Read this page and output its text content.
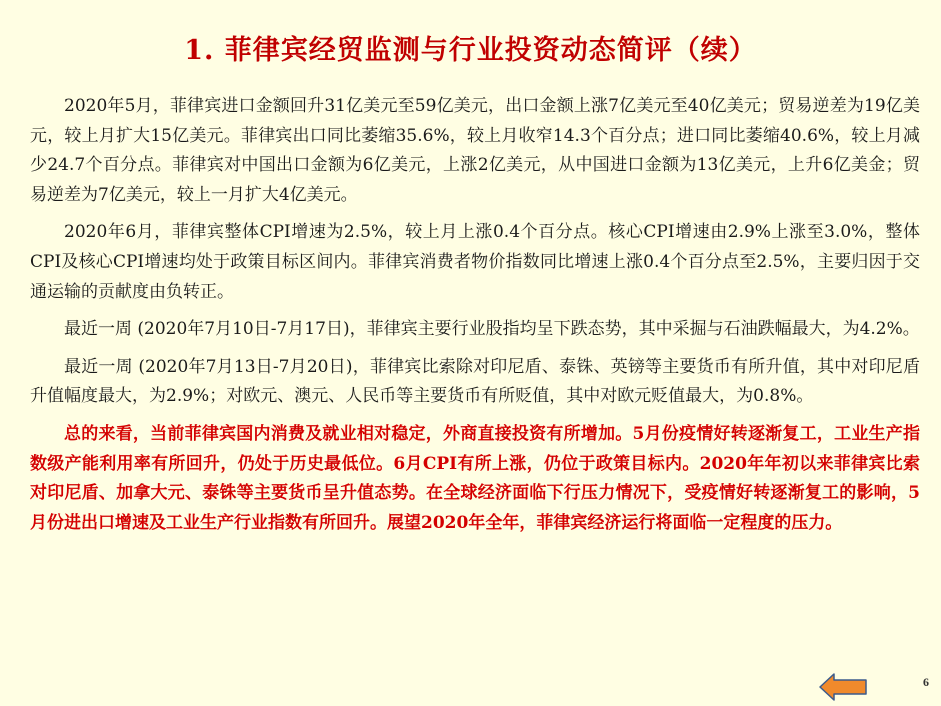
1. 菲律宾经贸监测与行业投资动态简评（续）

2020年5月，菲律宾进口金额回升31亿美元至59亿美元，出口金额上涨7亿美元至40亿美元；贸易逆差为19亿美元，较上月扩大15亿美元。菲律宾出口同比萎缩35.6%，较上月收窄14.3个百分点；进口同比萎缩40.6%，较上月减少24.7个百分点。菲律宾对中国出口金额为6亿美元，上涨2亿美元，从中国进口金额为13亿美元，上升6亿美金；贸易逆差为7亿美元，较上一月扩大4亿美元。

2020年6月，菲律宾整体CPI增速为2.5%，较上月上涨0.4个百分点。核心CPI增速由2.9%上涨至3.0%，整体CPI及核心CPI增速均处于政策目标区间内。菲律宾消费者物价指数同比增速上涨0.4个百分点至2.5%，主要归因于交通运输的贡献度由负转正。

最近一周 (2020年7月10日-7月17日)，菲律宾主要行业股指均呈下跌态势，其中采掘与石油跌幅最大，为4.2%。

最近一周 (2020年7月13日-7月20日)，菲律宾比索除对印尼盾、泰铢、英镑等主要货币有所升值，其中对印尼盾升值幅度最大，为2.9%；对欧元、澳元、人民币等主要货币有所贬值，其中对欧元贬值最大，为0.8%。

总的来看，当前菲律宾国内消费及就业相对稳定，外商直接投资有所增加。5月份疫情好转逐渐复工，工业生产指数级产能利用率有所回升，仍处于历史最低位。6月CPI有所上涨，仍位于政策目标内。2020年年初以来菲律宾比索对印尼盾、加拿大元、泰铢等主要货币呈升值态势。在全球经济面临下行压力情况下，受疫情好转逐渐复工的影响，5月份进出口增速及工业生产行业指数有所回升。展望2020年全年，菲律宾经济运行将面临一定程度的压力。

6
